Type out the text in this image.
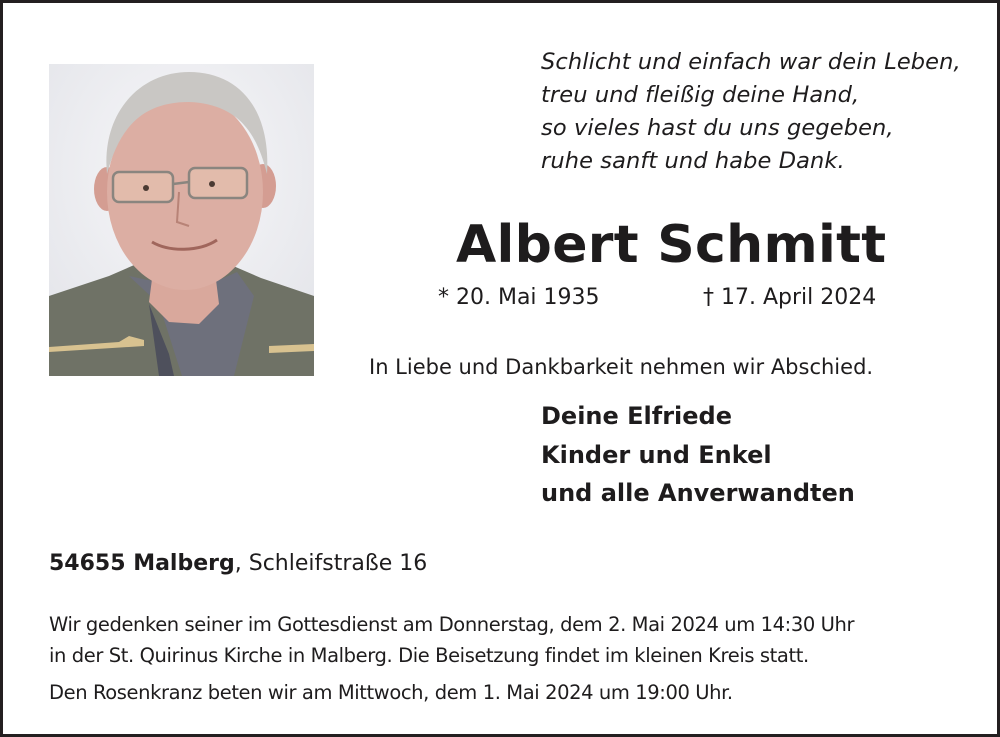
Schlicht und einfach war dein Leben,
treu und fleißig deine Hand,
so vieles hast du uns gegeben,
ruhe sanft und habe Dank.
Albert Schmitt
* 20. Mai 1935	† 17. April 2024
In Liebe und Dankbarkeit nehmen wir Abschied.
Deine Elfriede
Kinder und Enkel
und alle Anverwandten
54655 Malberg, Schleifstraße 16
Wir gedenken seiner im Gottesdienst am Donnerstag, dem 2. Mai 2024 um 14:30 Uhr
in der St. Quirinus Kirche in Malberg. Die Beisetzung findet im kleinen Kreis statt.
Den Rosenkranz beten wir am Mittwoch, dem 1. Mai 2024 um 19:00 Uhr.
